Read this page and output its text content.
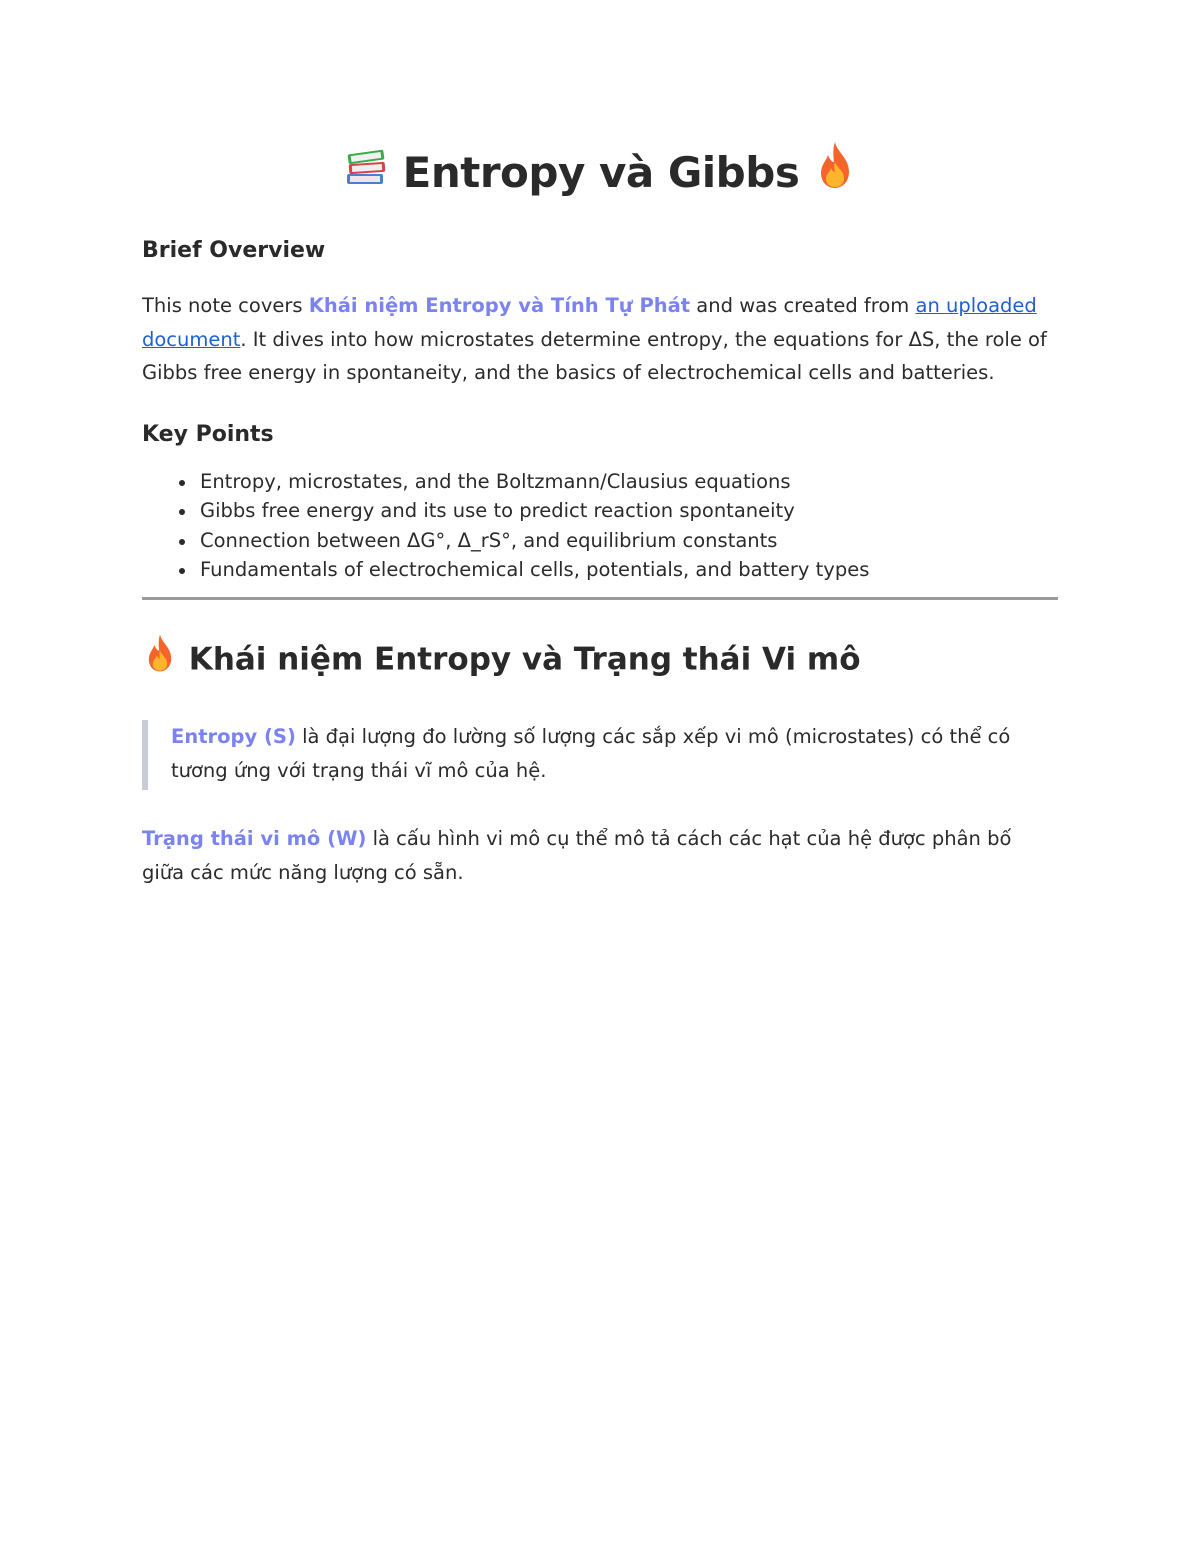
Entropy và Gibbs
Brief Overview
This note covers Khái niệm Entropy và Tính Tự Phát and was created from an uploaded document. It dives into how microstates determine entropy, the equations for ΔS, the role of Gibbs free energy in spontaneity, and the basics of electrochemical cells and batteries.
Key Points
Entropy, microstates, and the Boltzmann/Clausius equations
Gibbs free energy and its use to predict reaction spontaneity
Connection between ΔG°, Δ_rS°, and equilibrium constants
Fundamentals of electrochemical cells, potentials, and battery types
Khái niệm Entropy và Trạng thái Vi mô
Entropy (S) là đại lượng đo lường số lượng các sắp xếp vi mô (microstates) có thể có tương ứng với trạng thái vĩ mô của hệ.
Trạng thái vi mô (W) là cấu hình vi mô cụ thể mô tả cách các hạt của hệ được phân bố giữa các mức năng lượng có sẵn.
